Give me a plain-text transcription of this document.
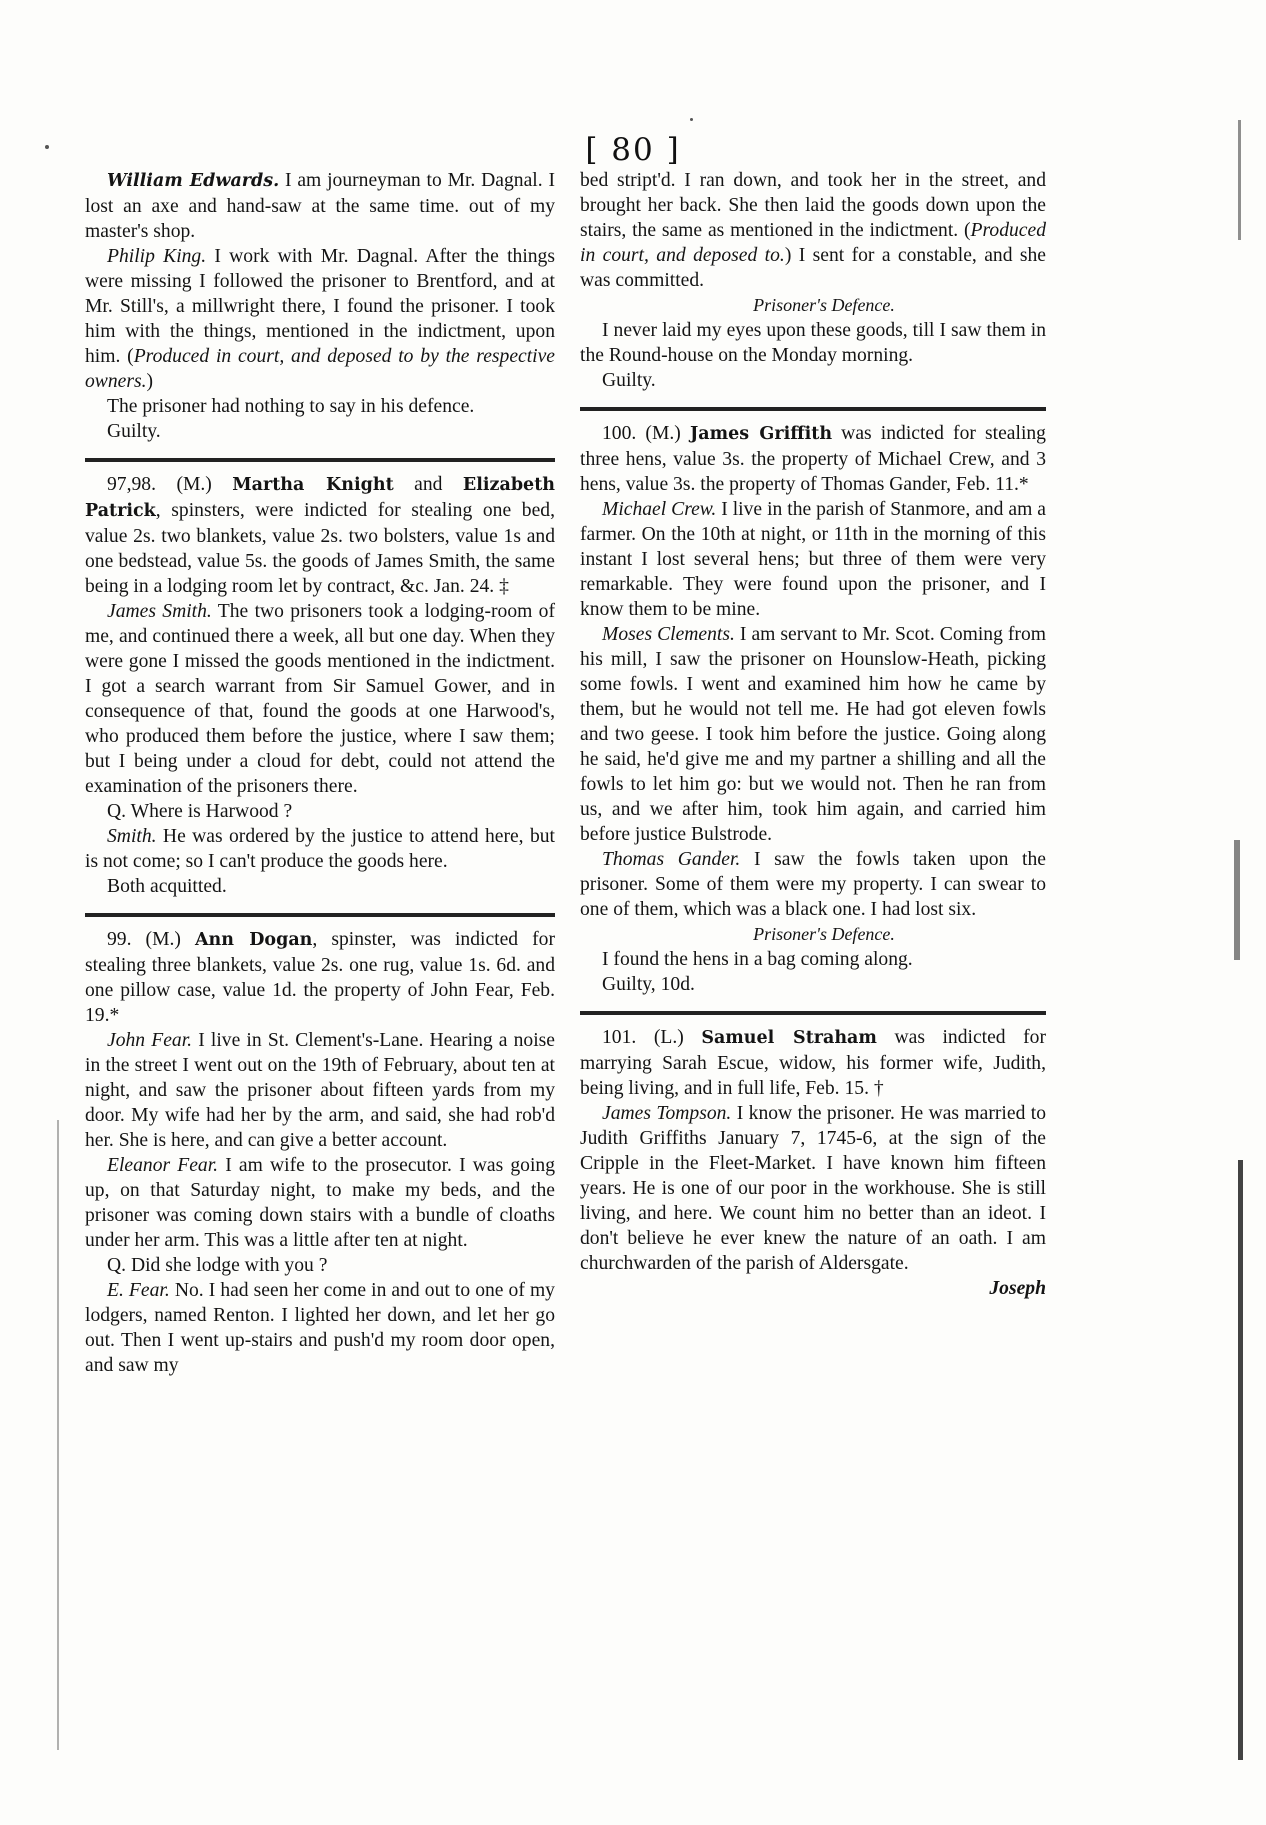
[ 80 ]

William Edwards. I am journeyman to Mr. Dagnal. I lost an axe and hand-saw at the same time. out of my master's shop.

Philip King. I work with Mr. Dagnal. After the things were missing I followed the prisoner to Brentford, and at Mr. Still's, a millwright there, I found the prisoner. I took him with the things, mentioned in the indictment, upon him. (Produced in court, and deposed to by the respective owners.)

The prisoner had nothing to say in his defence.

Guilty.

97,98. (M.) Martha Knight and Elizabeth Patrick, spinsters, were indicted for stealing one bed, value 2s. two blankets, value 2s. two bolsters, value 1s and one bedstead, value 5s. the goods of James Smith, the same being in a lodging room let by contract, &c. Jan. 24. ‡

James Smith. The two prisoners took a lodging-room of me, and continued there a week, all but one day. When they were gone I missed the goods mentioned in the indictment. I got a search warrant from Sir Samuel Gower, and in consequence of that, found the goods at one Harwood's, who produced them before the justice, where I saw them; but I being under a cloud for debt, could not attend the examination of the prisoners there.

Q. Where is Harwood ?

Smith. He was ordered by the justice to attend here, but is not come; so I can't produce the goods here.

Both acquitted.

99. (M.) Ann Dogan, spinster, was indicted for stealing three blankets, value 2s. one rug, value 1s. 6d. and one pillow case, value 1d. the property of John Fear, Feb. 19.*

John Fear. I live in St. Clement's-Lane. Hearing a noise in the street I went out on the 19th of February, about ten at night, and saw the prisoner about fifteen yards from my door. My wife had her by the arm, and said, she had rob'd her. She is here, and can give a better account.

Eleanor Fear. I am wife to the prosecutor. I was going up, on that Saturday night, to make my beds, and the prisoner was coming down stairs with a bundle of cloaths under her arm. This was a little after ten at night.

Q. Did she lodge with you ?

E. Fear. No. I had seen her come in and out to one of my lodgers, named Renton. I lighted her down, and let her go out. Then I went up-stairs and push'd my room door open, and saw my

bed stript'd. I ran down, and took her in the street, and brought her back. She then laid the goods down upon the stairs, the same as mentioned in the indictment. (Produced in court, and deposed to.) I sent for a constable, and she was committed.

Prisoner's Defence.

I never laid my eyes upon these goods, till I saw them in the Round-house on the Monday morning.

Guilty.

100. (M.) James Griffith was indicted for stealing three hens, value 3s. the property of Michael Crew, and 3 hens, value 3s. the property of Thomas Gander, Feb. 11.*

Michael Crew. I live in the parish of Stanmore, and am a farmer. On the 10th at night, or 11th in the morning of this instant I lost several hens; but three of them were very remarkable. They were found upon the prisoner, and I know them to be mine.

Moses Clements. I am servant to Mr. Scot. Coming from his mill, I saw the prisoner on Hounslow-Heath, picking some fowls. I went and examined him how he came by them, but he would not tell me. He had got eleven fowls and two geese. I took him before the justice. Going along he said, he'd give me and my partner a shilling and all the fowls to let him go: but we would not. Then he ran from us, and we after him, took him again, and carried him before justice Bulstrode.

Thomas Gander. I saw the fowls taken upon the prisoner. Some of them were my property. I can swear to one of them, which was a black one. I had lost six.

Prisoner's Defence.

I found the hens in a bag coming along.

Guilty, 10d.

101. (L.) Samuel Straham was indicted for marrying Sarah Escue, widow, his former wife, Judith, being living, and in full life, Feb. 15. †

James Tompson. I know the prisoner. He was married to Judith Griffiths January 7, 1745-6, at the sign of the Cripple in the Fleet-Market. I have known him fifteen years. He is one of our poor in the workhouse. She is still living, and here. We count him no better than an ideot. I don't believe he ever knew the nature of an oath. I am churchwarden of the parish of Aldersgate.

Joseph
